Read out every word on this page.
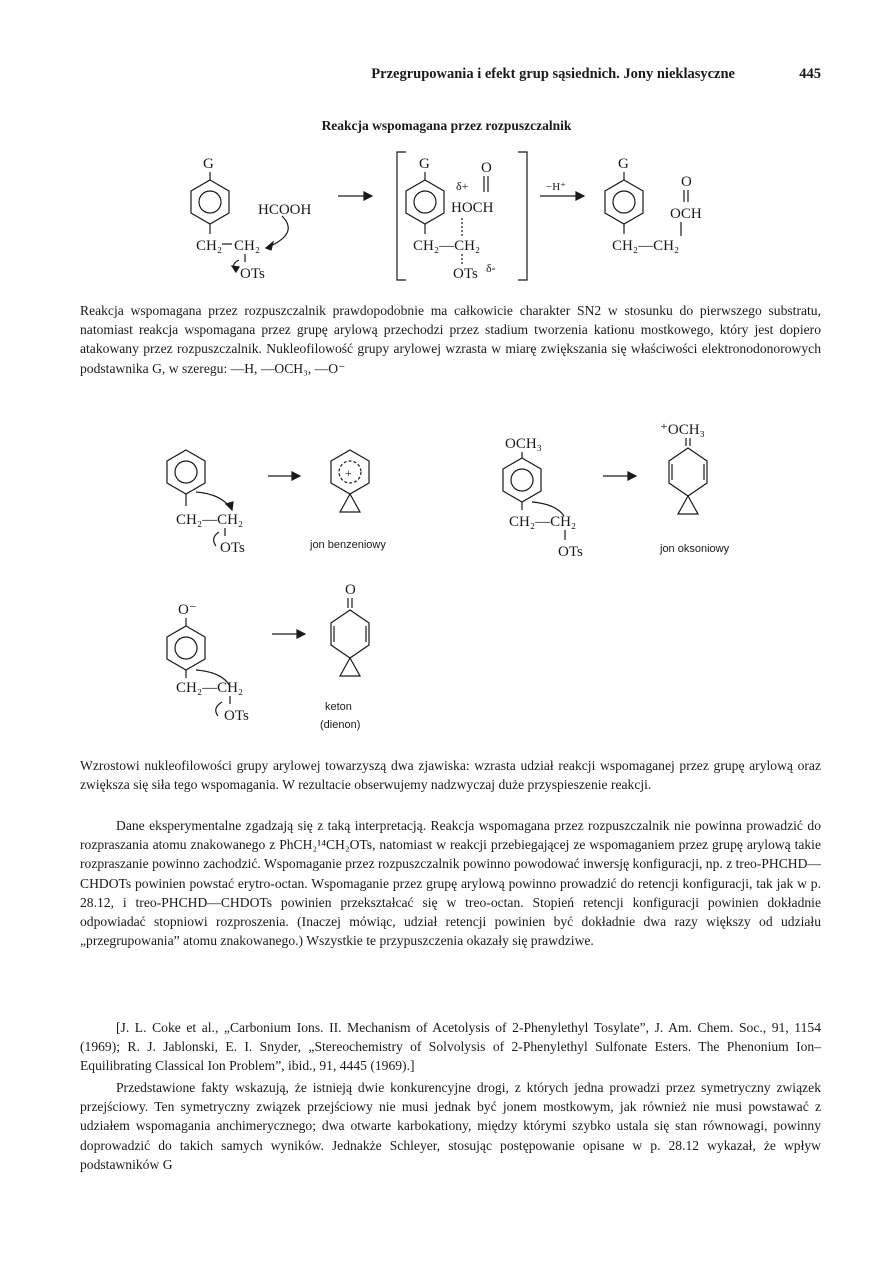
Przegrupowania i efekt grup sąsiednich. Jony nieklasyczne	445
Reakcja wspomagana przez rozpuszczalnik
G
CH₂ CH₂
OTs
HCOOH
G	O
δ+
HOCH
CH₂—CH₂
OTs δ-
−H⁺
G
O
OCH
CH₂—CH₂

Reakcja wspomagana przez rozpuszczalnik prawdopodobnie ma całkowicie charakter SN2 w stosunku do pierwszego substratu, natomiast reakcja wspomagana przez grupę arylową przechodzi przez stadium tworzenia kationu mostkowego, który jest dopiero atakowany przez rozpuszczalnik. Nukleofilowość grupy arylowej wzrasta w miarę zwiększania się właściwości elektronodonorowych podstawnika G, w szeregu: —H, —OCH₃, —O⁻

CH₂—CH₂
OTs
+
jon benzeniowy
OCH₃
CH₂—CH₂
OTs
⁺OCH₃
jon oksoniowy
O⁻
CH₂—CH₂
OTs
O
keton
(dienon)

Wzrostowi nukleofilowości grupy arylowej towarzyszą dwa zjawiska: wzrasta udział reakcji wspomaganej przez grupę arylową oraz zwiększa się siła tego wspomagania. W rezultacie obserwujemy nadzwyczaj duże przyspieszenie reakcji.

Dane eksperymentalne zgadzają się z taką interpretacją. Reakcja wspomagana przez rozpuszczalnik nie powinna prowadzić do rozpraszania atomu znakowanego z PhCH₂¹⁴CH₂OTs, natomiast w reakcji przebiegającej ze wspomaganiem przez grupę arylową takie rozpraszanie powinno zachodzić. Wspomaganie przez rozpuszczalnik powinno powodować inwersję konfiguracji, np. z treo-PHCHD—CHDOTs powinien powstać erytro-octan. Wspomaganie przez grupę arylową powinno prowadzić do retencji konfiguracji, tak jak w p. 28.12, i treo-PHCHD—CHDOTs powinien przekształcać się w treo-octan. Stopień retencji konfiguracji powinien dokładnie odpowiadać stopniowi rozproszenia. (Inaczej mówiąc, udział retencji powinien być dokładnie dwa razy większy od udziału „przegrupowania” atomu znakowanego.) Wszystkie te przypuszczenia okazały się prawdziwe.

[J. L. Coke et al., „Carbonium Ions. II. Mechanism of Acetolysis of 2-Phenylethyl Tosylate”, J. Am. Chem. Soc., 91, 1154 (1969); R. J. Jablonski, E. I. Snyder, „Stereochemistry of Solvolysis of 2-Phenylethyl Sulfonate Esters. The Phenonium Ion–Equilibrating Classical Ion Problem”, ibid., 91, 4445 (1969).]

Przedstawione fakty wskazują, że istnieją dwie konkurencyjne drogi, z których jedna prowadzi przez symetryczny związek przejściowy. Ten symetryczny związek przejściowy nie musi jednak być jonem mostkowym, jak również nie musi powstawać z udziałem wspomagania anchimerycznego; dwa otwarte karbokationy, między którymi szybko ustala się stan równowagi, powinny doprowadzić do takich samych wyników. Jednakże Schleyer, stosując postępowanie opisane w p. 28.12 wykazał, że wpływ podstawników G
